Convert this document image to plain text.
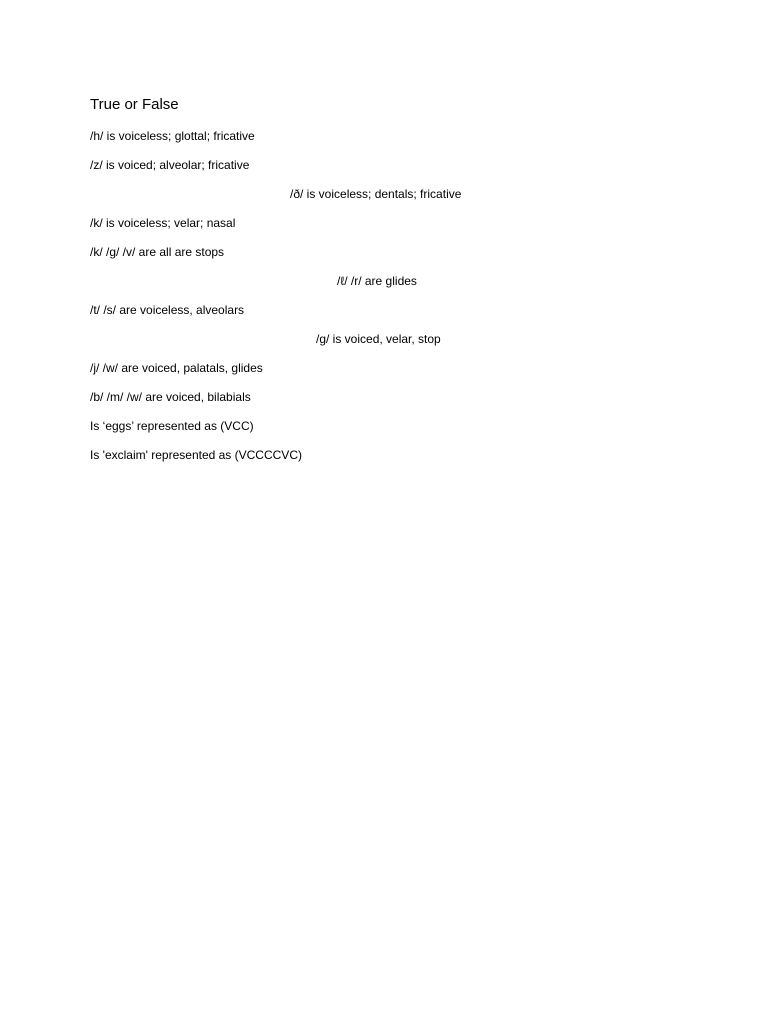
True or False
/h/ is voiceless; glottal; fricative
/z/ is voiced; alveolar; fricative
/ð/ is voiceless; dentals; fricative
/k/ is voiceless; velar; nasal
/k/ /g/ /v/ are all are stops
/ℓ/ /r/ are glides
/t/ /s/ are voiceless, alveolars
/ɡ/ is voiced, velar, stop
/j/ /w/ are voiced, palatals, glides
/b/ /m/ /w/ are voiced, bilabials
Is ‘eggs’ represented as (VCC)
Is 'exclaim' represented as (VCCCCVC)
